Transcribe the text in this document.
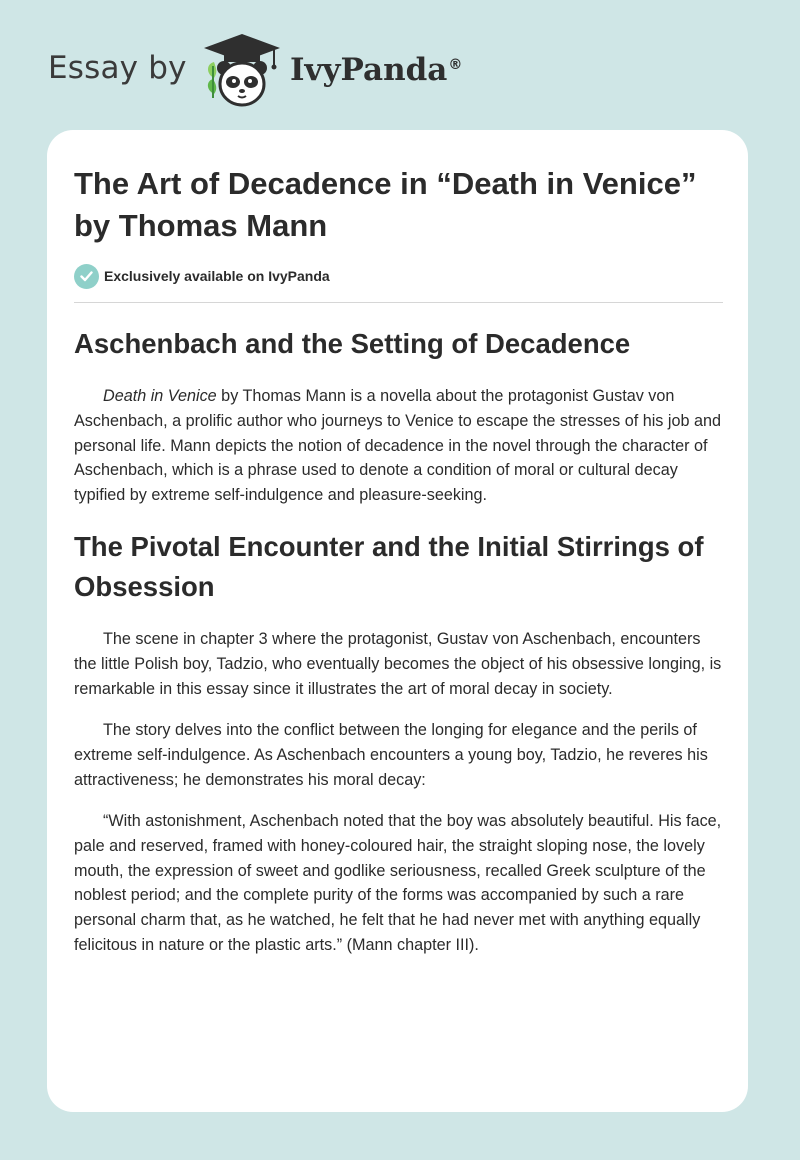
Essay by	IvyPanda®
The Art of Decadence in “Death in Venice” by Thomas Mann
Exclusively available on IvyPanda
Aschenbach and the Setting of Decadence

Death in Venice by Thomas Mann is a novella about the protagonist Gustav von Aschenbach, a prolific author who journeys to Venice to escape the stresses of his job and personal life. Mann depicts the notion of decadence in the novel through the character of Aschenbach, which is a phrase used to denote a condition of moral or cultural decay typified by extreme self-indulgence and pleasure-seeking.

The Pivotal Encounter and the Initial Stirrings of Obsession

The scene in chapter 3 where the protagonist, Gustav von Aschenbach, encounters the little Polish boy, Tadzio, who eventually becomes the object of his obsessive longing, is remarkable in this essay since it illustrates the art of moral decay in society.

The story delves into the conflict between the longing for elegance and the perils of extreme self-indulgence. As Aschenbach encounters a young boy, Tadzio, he reveres his attractiveness; he demonstrates his moral decay:

“With astonishment, Aschenbach noted that the boy was absolutely beautiful. His face, pale and reserved, framed with honey-coloured hair, the straight sloping nose, the lovely mouth, the expression of sweet and godlike seriousness, recalled Greek sculpture of the noblest period; and the complete purity of the forms was accompanied by such a rare personal charm that, as he watched, he felt that he had never met with anything equally felicitous in nature or the plastic arts.” (Mann chapter III).
